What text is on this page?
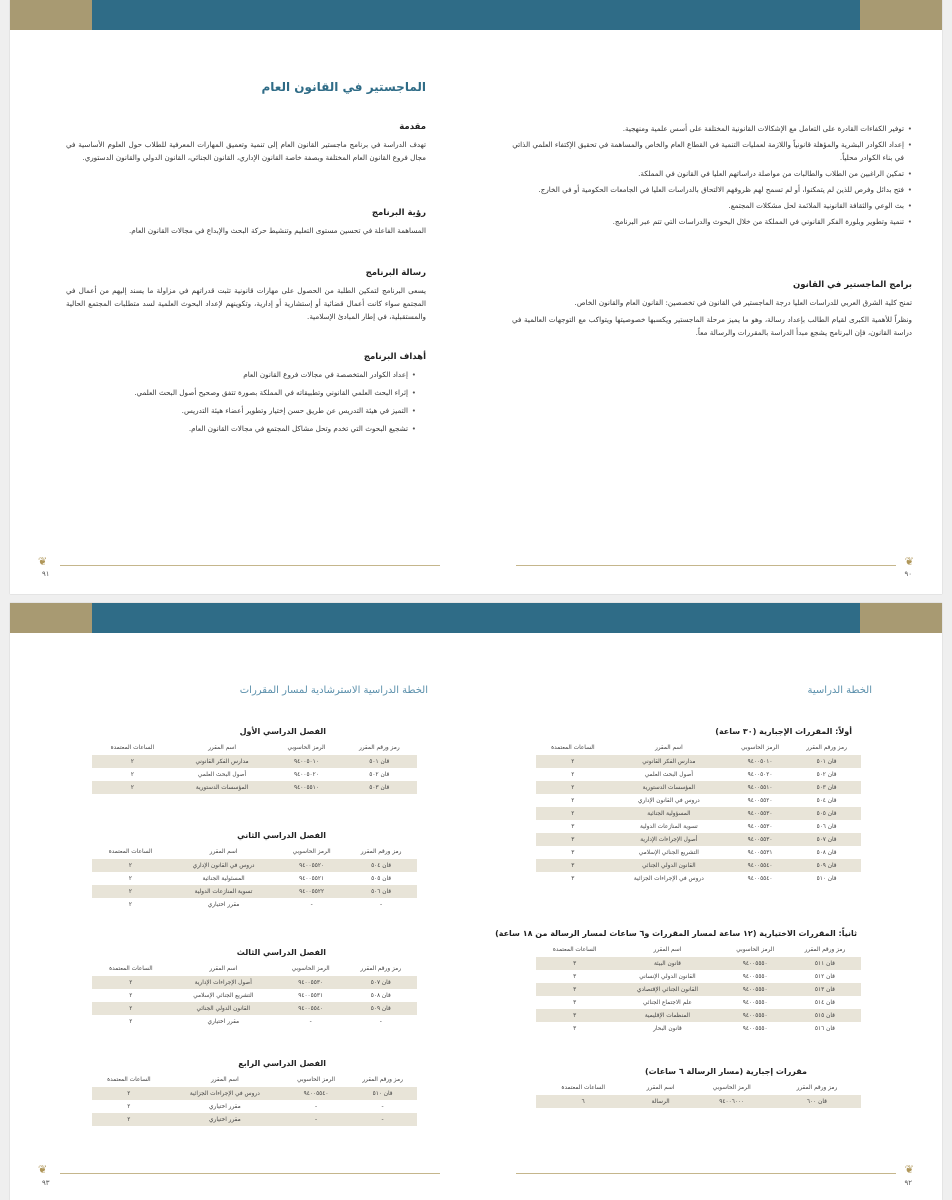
• توفير الكفاءات القادرة على التعامل مع الإشكالات القانونية المختلفة على أسس علمية ومنهجية.
• إعداد الكوادر البشرية والمؤهلة قانونياً واللازمة لعمليات التنمية في القطاع العام والخاص والمساهمة في تحقيق الإكتفاء العلمي الذاتي في بناء الكوادر محلياً.
• تمكين الراغبين من الطلاب والطالبات من مواصلة دراساتهم العليا في القانون في المملكة.
• فتح بدائل وفرص للذين لم يتمكنوا، أو لم تسمح لهم ظروفهم الالتحاق بالدراسات العليا في الجامعات الحكومية أو في الخارج.
• بث الوعي والثقافة القانونية الملائمة لحل مشكلات المجتمع.
• تنمية وتطوير وبلورة الفكر القانوني في المملكة من خلال البحوث والدراسات التي تتم عبر البرنامج.
برامج الماجستير في القانون

تمنح كلية الشرق العربي للدراسات العليا درجة الماجستير في القانون في تخصصين: القانون العام والقانون الخاص.

ونظراً للأهمية الكبرى لقيام الطالب بإعداد رسالة، وهو ما يميز مرحلة الماجستير ويكسبها خصوصيتها ويتواكب مع التوجهات العالمية في دراسة القانون، فإن البرنامج يشجع مبدأ الدراسة بالمقررات والرسالة معاً.

❦
٩٠
الماجستير في القانون العام
مقدمة

تهدف الدراسة في برنامج ماجستير القانون العام إلى تنمية وتعميق المهارات المعرفية للطلاب حول العلوم الأساسية في مجال فروع القانون العام المختلفة وبصفة خاصة القانون الإداري، القانون الجنائي، القانون الدولي والقانون الدستوري.

رؤية البرنامج

المساهمة الفاعلة في تحسين مستوى التعليم وتنشيط حركة البحث والإبداع في مجالات القانون العام.

رسالة البرنامج

يسعى البرنامج لتمكين الطلبة من الحصول على مهارات قانونية تثبت قدراتهم في مزاولة ما يسند إليهم من أعمال في المجتمع سواء كانت أعمال قضائية أو إستشارية أو إدارية، وتكوينهم لإعداد البحوث العلمية لسد متطلبات المجتمع الحالية والمستقبلية، في إطار المبادئ الإسلامية.

أهداف البرنامج
• إعداد الكوادر المتخصصة في مجالات فروع القانون العام
• إثراء البحث العلمي القانوني وتطبيقاته في المملكة بصورة تتفق وصحيح أصول البحث العلمي.
• التميز في هيئة التدريس عن طريق حسن إختيار وتطوير أعضاء هيئة التدريس.
• تشجيع البحوث التي تخدم وتحل مشاكل المجتمع في مجالات القانون العام.
❦
٩١
الخطة الدراسية
أولاً: المقررات الإجبارية (٣٠ ساعة)
رمز ورقم المقرر	الرمز الحاسوبي	اسم المقرر	الساعات المعتمدة
قان ٥٠١	٩٤٠٠٥٠١٠	مدارس الفكر القانوني	٢
قان ٥٠٢	٩٤٠٠٥٠٢٠	أصول البحث العلمي	٢
قان ٥٠٣	٩٤٠٠٥٥١٠	المؤسسات الدستورية	٢
قان ٥٠٤	٩٤٠٠٥٥٢٠	دروس في القانون الإداري	٢
قان ٥٠٥	٩٤٠٠٥٥٣٠	المسؤولية الجنائية	٢
قان ٥٠٦	٩٤٠٠٥٥٣٠	تسوية المنازعات الدولية	٣
قان ٥٠٧	٩٤٠٠٥٥٣٠	أصول الإجراءات الإدارية	٣
قان ٥٠٨	٩٤٠٠٥٥٣١	التشريع الجنائي الإسلامي	٣
قان ٥٠٩	٩٤٠٠٥٥٤٠	القانون الدولي الجنائي	٣
قان ٥١٠	٩٤٠٠٥٥٤٠	دروس في الإجراءات الجزائية	٣
ثانياً: المقررات الاختيارية (١٢ ساعة لمسار المقررات و٦ ساعات لمسار الرسالة من ١٨ ساعة)
رمز ورقم المقرر	الرمز الحاسوبي	اسم المقرر	الساعات المعتمدة
قان ٥١١	٩٤٠٠٥٥٥٠	قانون البيئة	٣
قان ٥١٢	٩٤٠٠٥٥٥٠	القانون الدولي الإنساني	٣
قان ٥١٣	٩٤٠٠٥٥٥٠	القانون الجنائي الإقتصادي	٣
قان ٥١٤	٩٤٠٠٥٥٥٠	علم الاجتماع الجنائي	٣
قان ٥١٥	٩٤٠٠٥٥٥٠	المنظمات الإقليمية	٣
قان ٥١٦	٩٤٠٠٥٥٥٠	قانون البحار	٣
مقررات إجبارية (مسار الرسالة ٦ ساعات)
رمز ورقم المقرر	الرمز الحاسوبي	اسم المقرر	الساعات المعتمدة
قان ٦٠٠	٩٤٠٠٦٠٠٠	الرسالة	٦
❦
٩٢
الخطة الدراسية الاسترشادية لمسار المقررات
الفصل الدراسي الأول
رمز ورقم المقرر	الرمز الحاسوبي	اسم المقرر	الساعات المعتمدة
قان ٥٠١	٩٤٠٠٥٠١٠	مدارس الفكر القانوني	٢
قان ٥٠٢	٩٤٠٠٥٠٢٠	أصول البحث العلمي	٢
قان ٥٠٣	٩٤٠٠٥٥١٠	المؤسسات الدستورية	٢
الفصل الدراسي الثاني
رمز ورقم المقرر	الرمز الحاسوبي	اسم المقرر	الساعات المعتمدة
قان ٥٠٤	٩٤٠٠٥٥٢٠	دروس في القانون الإداري	٢
قان ٥٠٥	٩٤٠٠٥٥٢١	المسئولية الجنائية	٢
قان ٥٠٦	٩٤٠٠٥٥٢٢	تسوية المنازعات الدولية	٢
-	-	مقرر اختياري	٢
الفصل الدراسي الثالث
رمز ورقم المقرر	الرمز الحاسوبي	اسم المقرر	الساعات المعتمدة
قان ٥٠٧	٩٤٠٠٥٥٣٠	أصول الإجراءات الإدارية	٢
قان ٥٠٨	٩٤٠٠٥٥٣١	التشريع الجنائي الإسلامي	٢
قان ٥٠٩	٩٤٠٠٥٥٤٠	القانون الدولي الجنائي	٢
-	-	مقرر اختياري	٢
الفصل الدراسي الرابع
رمز ورقم المقرر	الرمز الحاسوبي	اسم المقرر	الساعات المعتمدة
قان ٥١٠	٩٤٠٠٥٥٤٠	دروس في الإجراءات الجزائية	٢
-	-	مقرر اختياري	٢
-	-	مقرر اختياري	٢
❦
٩٣
